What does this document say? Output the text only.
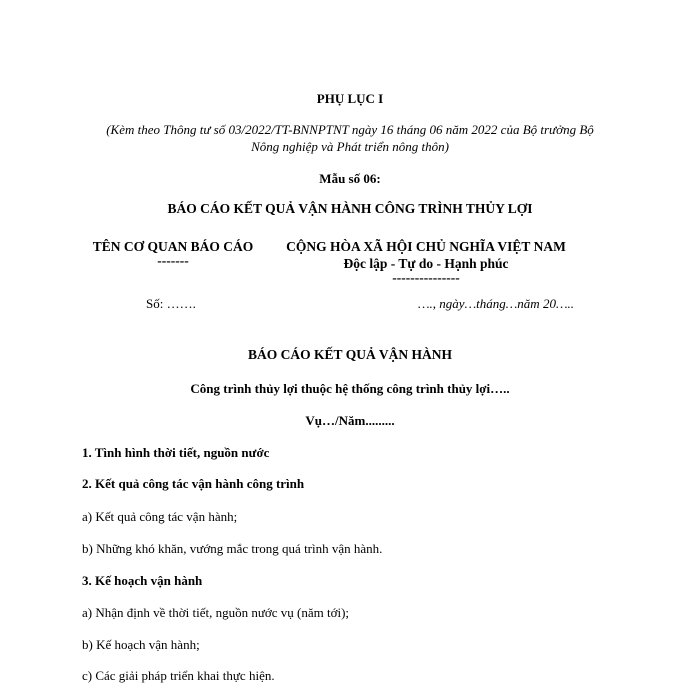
PHỤ LỤC I
(Kèm theo Thông tư số 03/2022/TT-BNNPTNT ngày 16 tháng 06 năm 2022 của Bộ trưởng Bộ
Nông nghiệp và Phát triển nông thôn)
Mẫu số 06:
BÁO CÁO KẾT QUẢ VẬN HÀNH CÔNG TRÌNH THỦY LỢI
TÊN CƠ QUAN BÁO CÁO
-------
CỘNG HÒA XÃ HỘI CHỦ NGHĨA VIỆT NAM
Độc lập - Tự do - Hạnh phúc
---------------
Số: …….	…., ngày…tháng…năm 20…..
BÁO CÁO KẾT QUẢ VẬN HÀNH
Công trình thủy lợi thuộc hệ thống công trình thủy lợi…..
Vụ…/Năm.........
1. Tình hình thời tiết, nguồn nước
2. Kết quả công tác vận hành công trình
a) Kết quả công tác vận hành;
b) Những khó khăn, vướng mắc trong quá trình vận hành.
3. Kế hoạch vận hành
a) Nhận định về thời tiết, nguồn nước vụ (năm tới);
b) Kế hoạch vận hành;
c) Các giải pháp triển khai thực hiện.
